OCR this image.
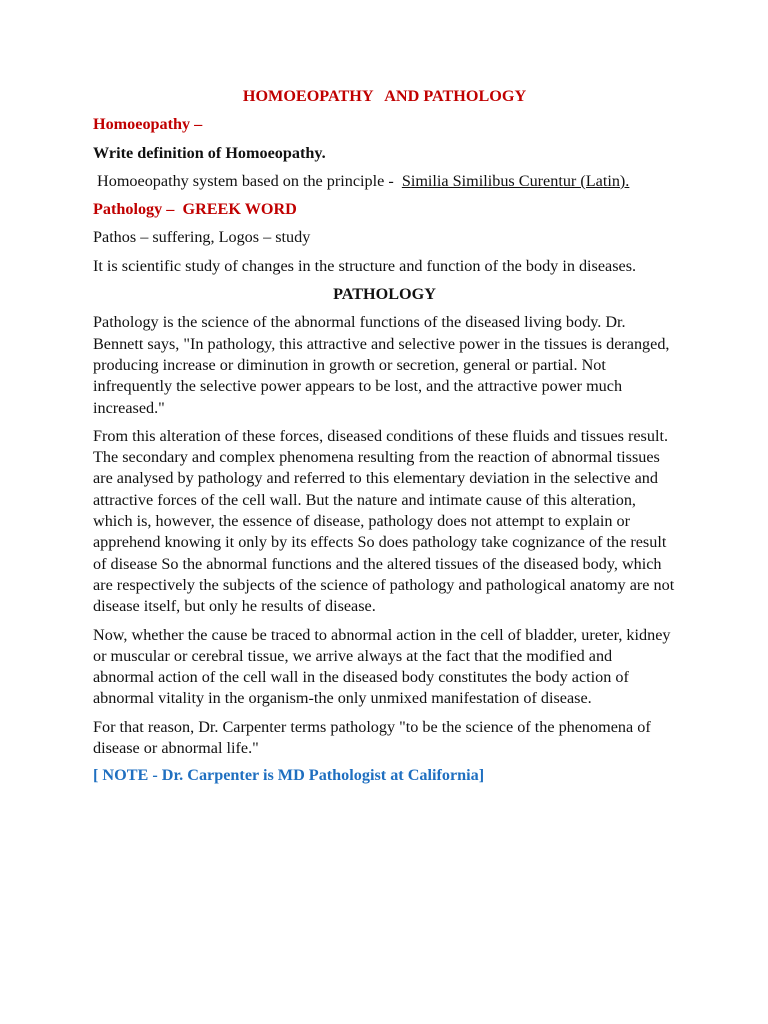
HOMOEOPATHY   AND PATHOLOGY
Homoeopathy –
Write definition of Homoeopathy.

Homoeopathy system based on the principle -  Similia Similibus Curentur (Latin).

Pathology –  GREEK WORD

Pathos – suffering, Logos – study

It is scientific study of changes in the structure and function of the body in diseases.

PATHOLOGY

Pathology is the science of the abnormal functions of the diseased living body. Dr. Bennett says, "In pathology, this attractive and selective power in the tissues is deranged, producing increase or diminution in growth or secretion, general or partial. Not infrequently the selective power appears to be lost, and the attractive power much increased."

From this alteration of these forces, diseased conditions of these fluids and tissues result. The secondary and complex phenomena resulting from the reaction of abnormal tissues are analysed by pathology and referred to this elementary deviation in the selective and attractive forces of the cell wall. But the nature and intimate cause of this alteration, which is, however, the essence of disease, pathology does not attempt to explain or apprehend knowing it only by its effects So does pathology take cognizance of the result of disease So the abnormal functions and the altered tissues of the diseased body, which are respectively the subjects of the science of pathology and pathological anatomy are not disease itself, but only he results of disease.

Now, whether the cause be traced to abnormal action in the cell of bladder, ureter, kidney or muscular or cerebral tissue, we arrive always at the fact that the modified and abnormal action of the cell wall in the diseased body constitutes the body action of abnormal vitality in the organism-the only unmixed manifestation of disease.

For that reason, Dr. Carpenter terms pathology "to be the science of the phenomena of disease or abnormal life."

[ NOTE - Dr. Carpenter is MD Pathologist at California]
